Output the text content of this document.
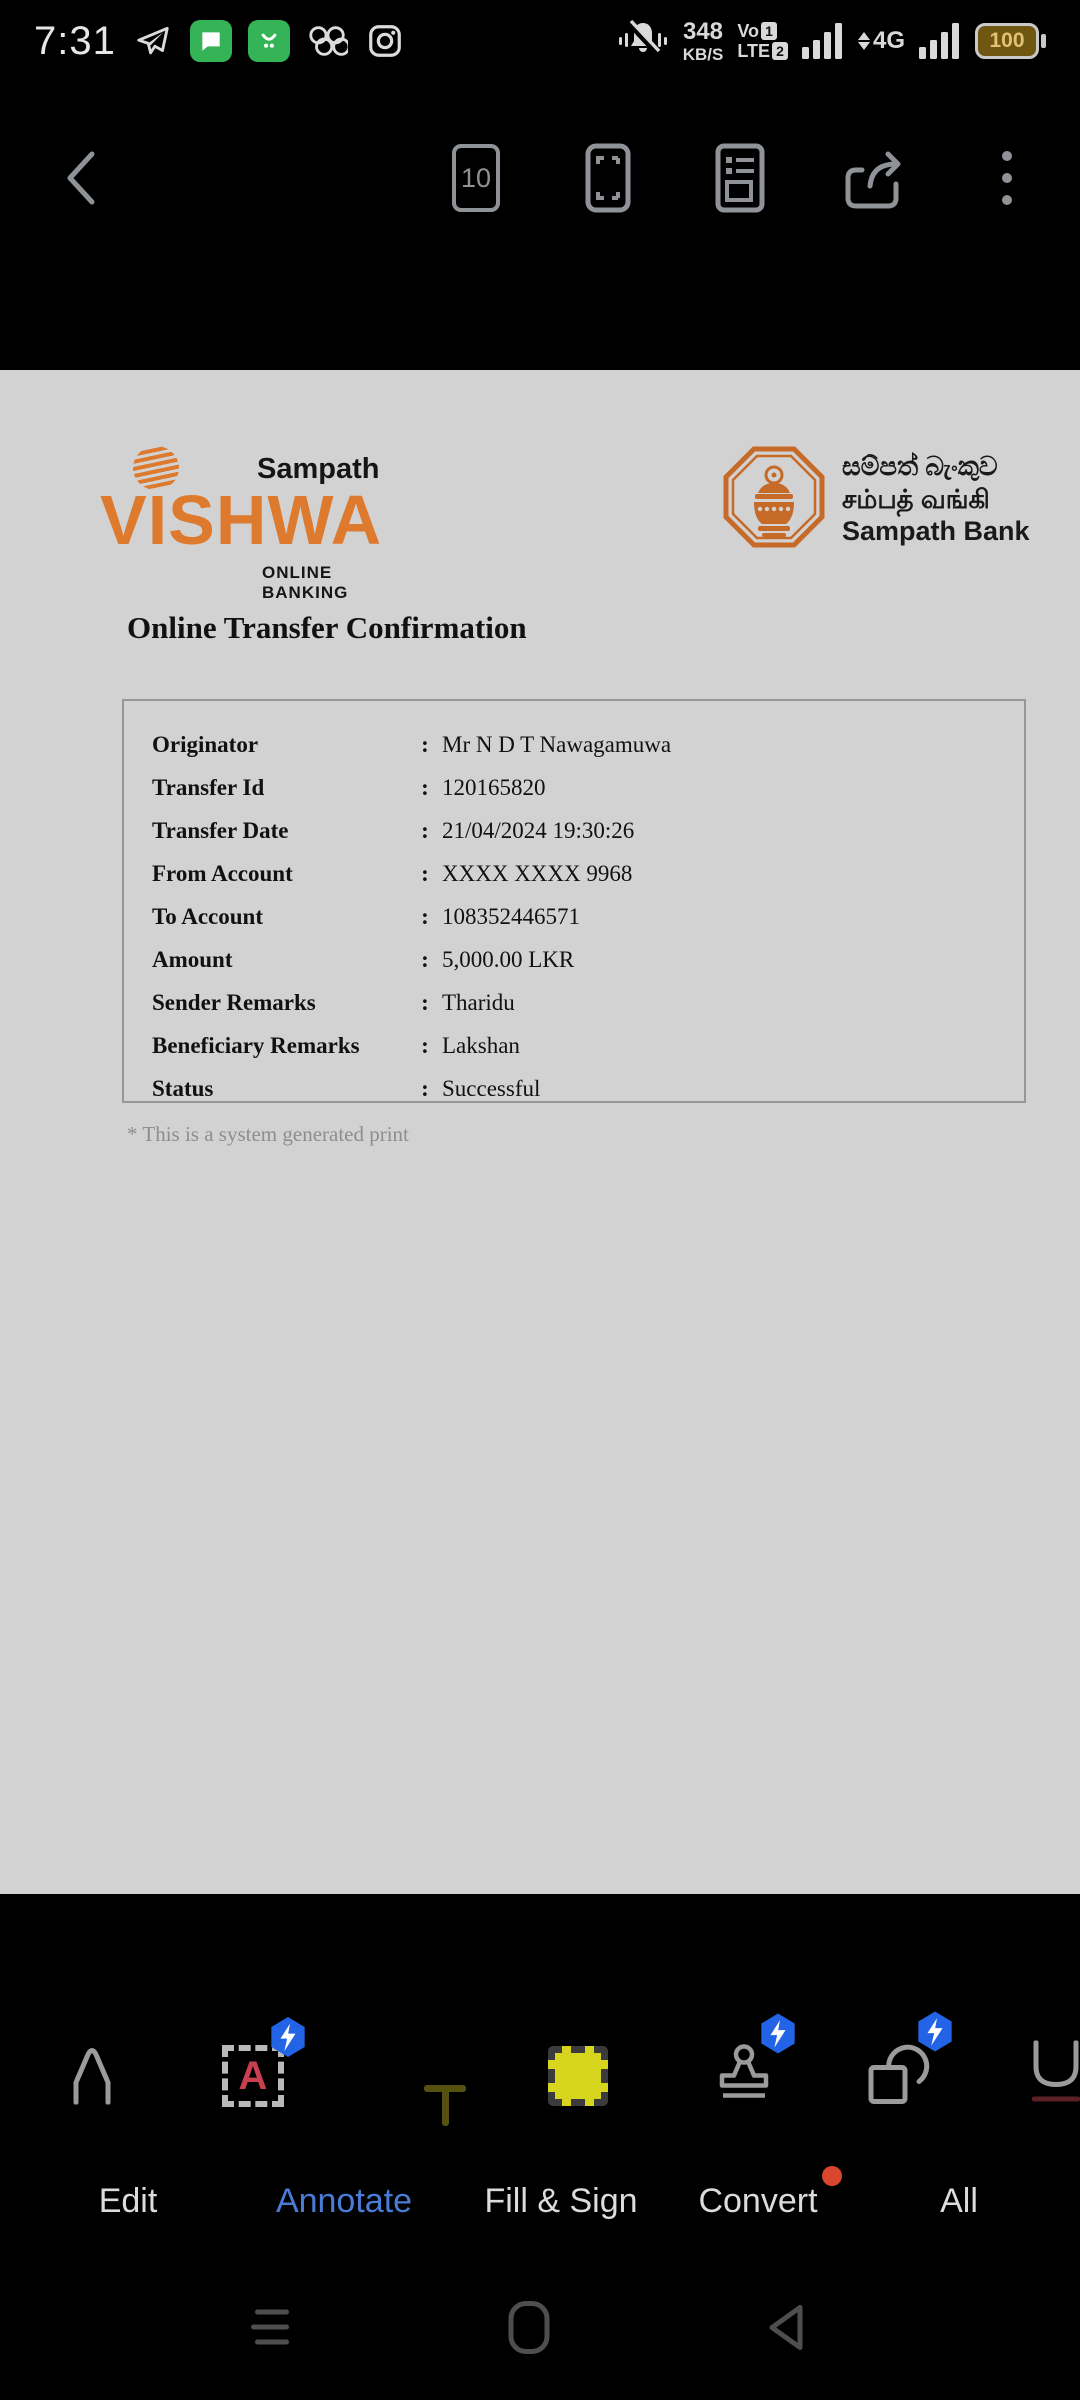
7:31	348
KB/S
Vo 1
LTE 2	4G	100
10
Sampath
VISHWA
ONLINE BANKING
සම්පත් බැංකුව
சம்பத் வங்கி
Sampath Bank
Online Transfer Confirmation
Originator	: Mr N D T Nawagamuwa
Transfer Id	: 120165820
Transfer Date	: 21/04/2024 19:30:26
From Account	: XXXX XXXX 9968
To Account	: 108352446571
Amount	: 5,000.00 LKR
Sender Remarks	: Tharidu
Beneficiary Remarks	: Lakshan
Status	: Successful
* This is a system generated print
A
Edit	Annotate Fill & Sign Convert	All
